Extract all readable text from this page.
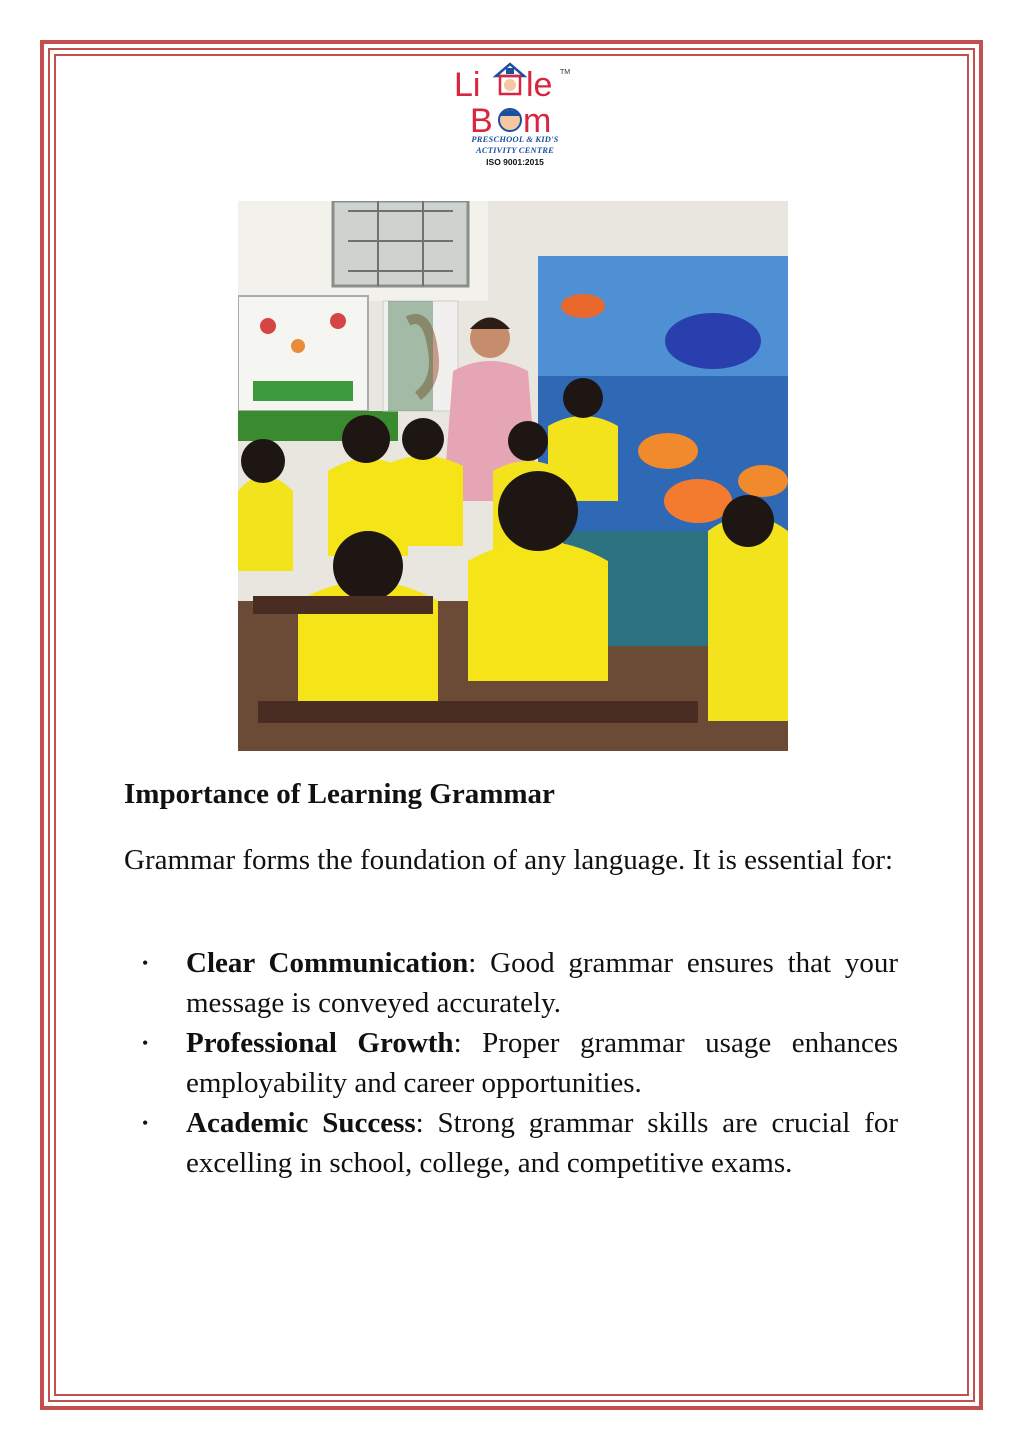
Li le TM
B m
PRESCHOOL & KID'S
ACTIVITY CENTRE
ISO 9001:2015
Importance of Learning Grammar

Grammar forms the foundation of any language. It is essential for:

• Clear Communication: Good grammar ensures that your message is conveyed accurately.
• Professional Growth: Proper grammar usage enhances employability and career opportunities.
• Academic Success: Strong grammar skills are crucial for excelling in school, college, and competitive exams.
